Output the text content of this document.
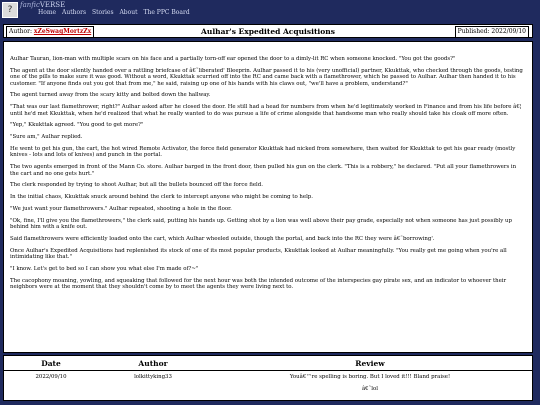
?	fanficVERSE
Home Authors Stories About The PPC Board
Aulhar's Expedited Acquisitions
Author: xZeSwagMortzZx	Published: 2022/09/10

Aulhar Tauran, lion-man with multiple scars on his face and a partially torn-off ear opened the door to a dimly-lit RC when someone knocked. "You got the goods?"

The agent at the door silently handed over a rattling briefcase of â€˜liberated' Bleeprin. Aulhar passed it to his (very unofficial) partner, Kkukttak, who checked through the goods, testing one of the pills to make sure it was good. Without a word, Kkukttak scurried off into the RC and came back with a flamethrower, which he passed to Aulhar. Aulhar then handed it to his customer. "If anyone finds out you got that from me," he said, raising up one of his hands with his claws out, "we'll have a problem, understand?"

The agent turned away from the scary kitty and bolted down the hallway.

"That was our last flamethrower, right?" Aulhar asked after he closed the door. He still had a head for numbers from when he'd legitimately worked in Finance and from his life before â€¦ until he'd met Kkukttak, when he'd realized that what he really wanted to do was pursue a life of crime alongside that handsome man who really should take his cloak off more often.

"Yep," Kkukttak agreed. "You good to get more?"

"Sure am," Aulhar replied.

He went to get his gun, the cart, the hot wired Remote Activator, the force field generator Kkukttak had nicked from somewhere, then waited for Kkukttak to get his gear ready (mostly knives - lots and lots of knives) and punch in the portal.

The two agents emerged in front of the Mann Co. store. Aulhar barged in the front door, then pulled his gun on the clerk. "This is a robbery," he declared. "Put all your flamethrowers in the cart and no one gets hurt."

The clerk responded by trying to shoot Aulhar, but all the bullets bounced off the force field.

In the initial chaos, Kkukttak snuck around behind the clerk to intercept anyone who might be coming to help.

"We just want your flamethrowers." Aulhar repeated, shooting a hole in the floor.

"Ok, fine, I'll give you the flamethrowers," the clerk said, putting his hands up. Getting shot by a lion was well above their pay grade, especially not when someone has just possibly up behind him with a knife out.

Said flamethrowers were efficiently loaded onto the cart, which Aulhar wheeled outside, though the portal, and back into the RC they were â€˜borrowing'.

Once Aulhar's Expedited Acquisitions had replenished its stock of one of its most popular products, Kkukttak looked at Aulhar meaningfully. "You really get me going when you're all intimidating like that."

"I know. Let's get to bed so I can show you what else I'm made of?~"

The cacophony moaning, yowling, and squeaking that followed for the next hour was both the intended outcome of the interspecies gay pirate sex, and an indicator to whoever their neighbors were at the moment that they shouldn't come by to meet the agents they were living next to.

Date	Author	Review
2022/09/10	lolkittyking33	Youâ€™re spelling is boring. But I loved it!!! Bland praise!
â€˜lol
